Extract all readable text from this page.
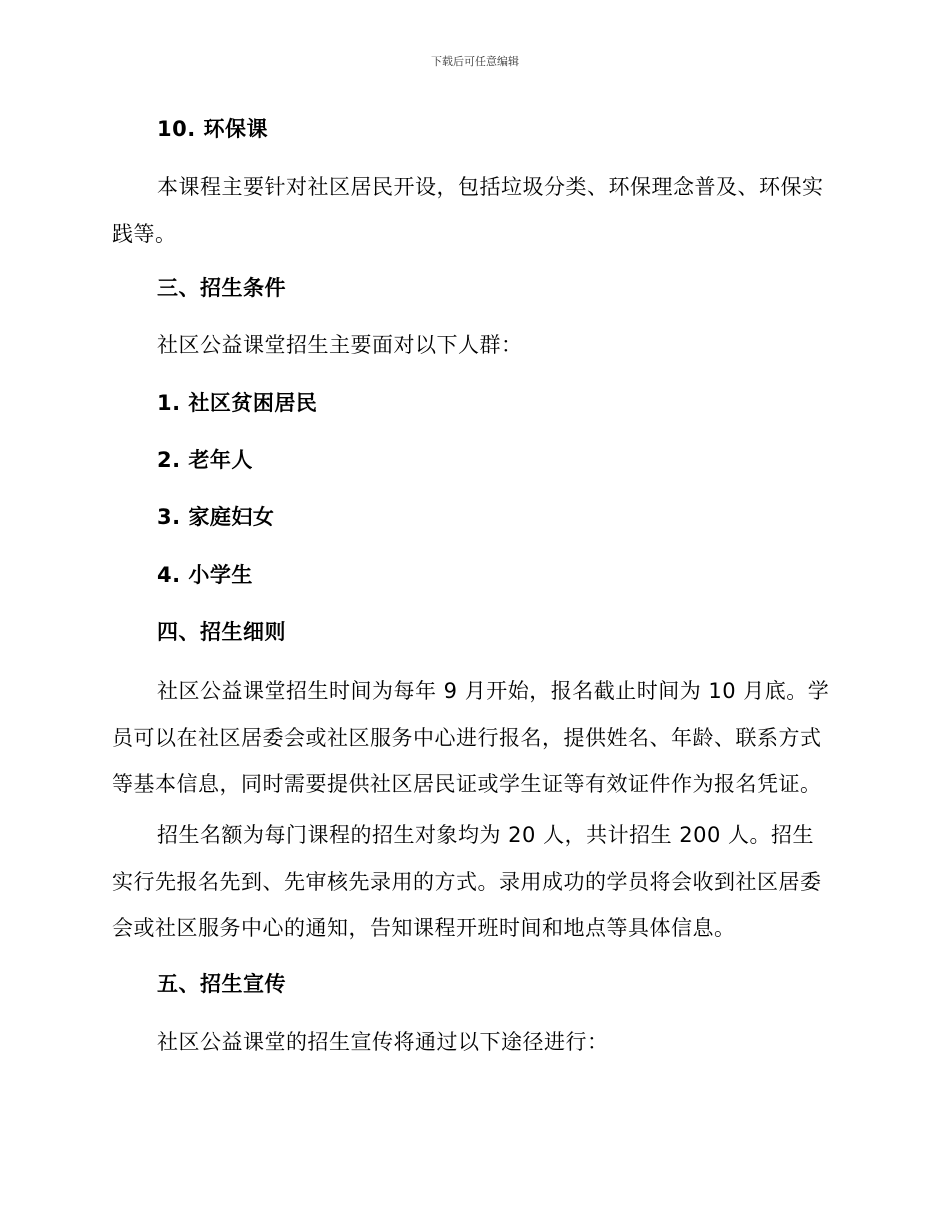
下载后可任意编辑
10. 环保课
本课程主要针对社区居民开设，包括垃圾分类、环保理念普及、环保实践等。
三、招生条件
社区公益课堂招生主要面对以下人群：
1. 社区贫困居民
2. 老年人
3. 家庭妇女
4. 小学生
四、招生细则
社区公益课堂招生时间为每年 9 月开始，报名截止时间为 10 月底。学员可以在社区居委会或社区服务中心进行报名，提供姓名、年龄、联系方式等基本信息，同时需要提供社区居民证或学生证等有效证件作为报名凭证。
招生名额为每门课程的招生对象均为 20 人，共计招生 200 人。招生实行先报名先到、先审核先录用的方式。录用成功的学员将会收到社区居委会或社区服务中心的通知，告知课程开班时间和地点等具体信息。
五、招生宣传
社区公益课堂的招生宣传将通过以下途径进行：
